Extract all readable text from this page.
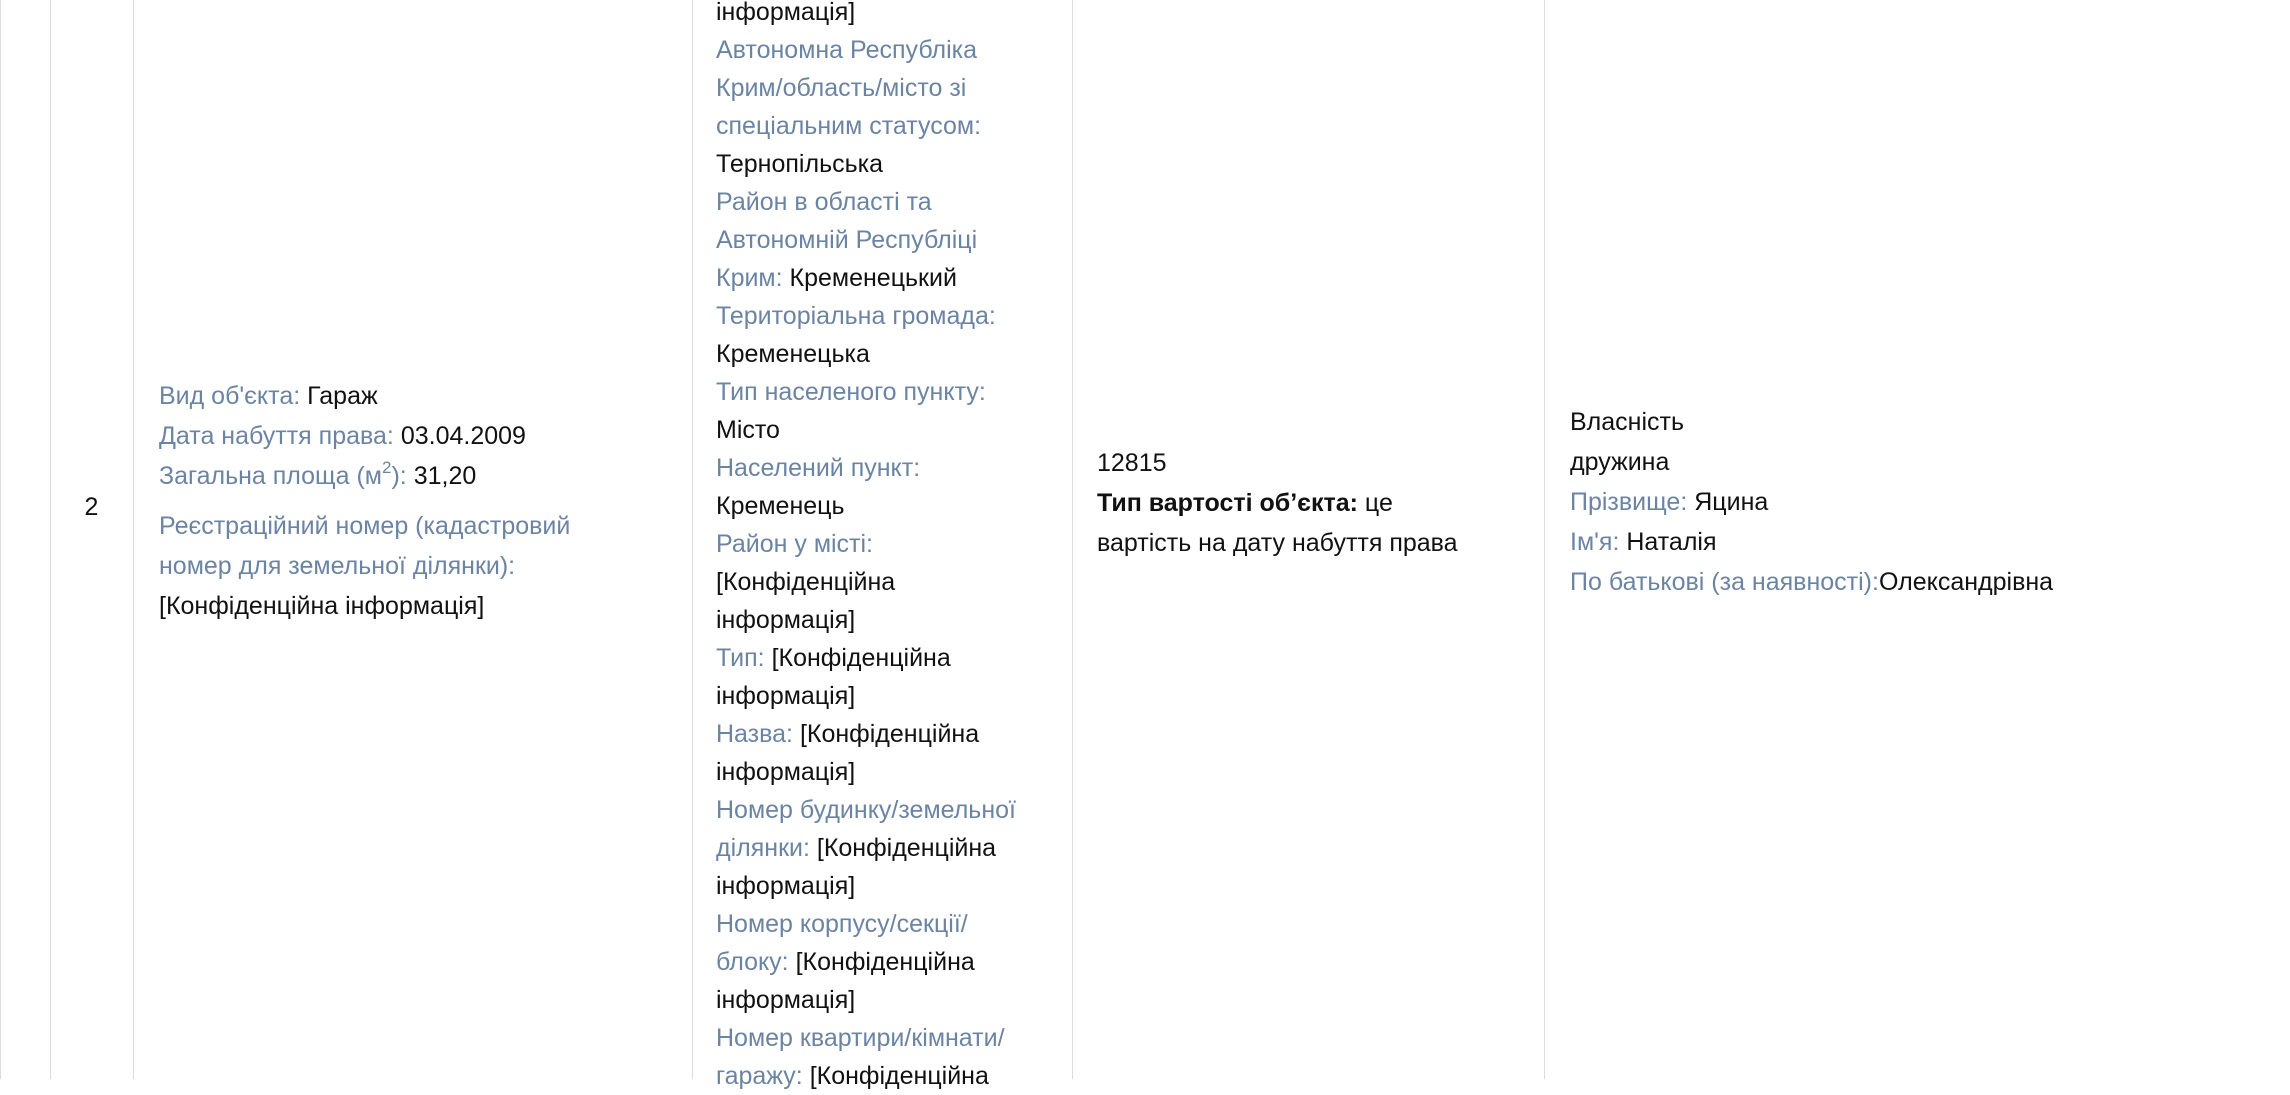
2
Вид об'єкта: Гараж
Дата набуття права: 03.04.2009
Загальна площа $(м^2)$: 31,20
Реєстраційний номер (кадастровий
номер для земельної ділянки):
[Конфіденційна інформація]
інформація]
Автономна Республіка
Крим/область/місто зі
спеціальним статусом:
Тернопільська
Район в області та
Автономній Республіці
Крим: Кременецький
Територіальна громада:
Кременецька
Тип населеного пункту:
Місто
Населений пункт:
Кременець
Район у місті:
[Конфіденційна
інформація]
Тип: [Конфіденційна
інформація]
Назва: [Конфіденційна
інформація]
Номер будинку/земельної
ділянки: [Конфіденційна
інформація]
Номер корпусу/секції/
блоку: [Конфіденційна
інформація]
Номер квартири/кімнати/
гаражу: [Конфіденційна
12815
Тип вартості об’єкта: це
вартість на дату набуття права
Власність
дружина
Прізвище: Яцина
Ім'я: Наталія
По батькові (за наявності):Олександрівна
